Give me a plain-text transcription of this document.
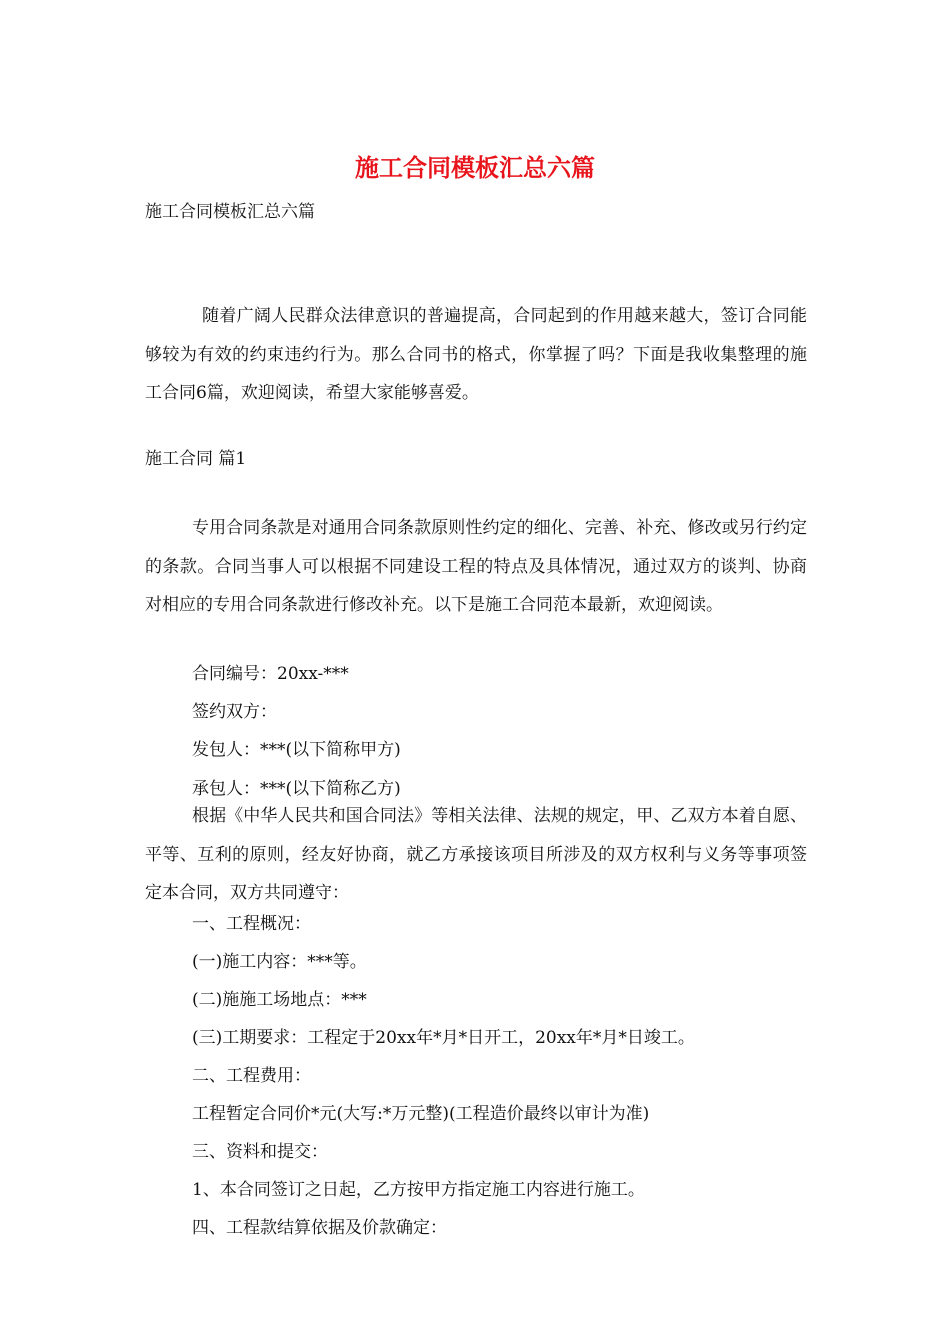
施工合同模板汇总六篇
施工合同模板汇总六篇
随着广阔人民群众法律意识的普遍提高，合同起到的作用越来越大，签订合同能够较为有效的约束违约行为。那么合同书的格式，你掌握了吗？下面是我收集整理的施工合同6篇，欢迎阅读，希望大家能够喜爱。
施工合同 篇1
专用合同条款是对通用合同条款原则性约定的细化、完善、补充、修改或另行约定的条款。合同当事人可以根据不同建设工程的特点及具体情况，通过双方的谈判、协商对相应的专用合同条款进行修改补充。以下是施工合同范本最新，欢迎阅读。
合同编号：20xx-***
签约双方：
发包人：***(以下简称甲方)
承包人：***(以下简称乙方)
根据《中华人民共和国合同法》等相关法律、法规的规定，甲、乙双方本着自愿、平等、互利的原则，经友好协商，就乙方承接该项目所涉及的双方权利与义务等事项签定本合同，双方共同遵守：
一、工程概况：
(一)施工内容：***等。
(二)施施工场地点：***
(三)工期要求：工程定于20xx年*月*日开工，20xx年*月*日竣工。
二、工程费用：
工程暂定合同价*元(大写:*万元整)(工程造价最终以审计为准)
三、资料和提交：
1、本合同签订之日起，乙方按甲方指定施工内容进行施工。
四、工程款结算依据及价款确定：
